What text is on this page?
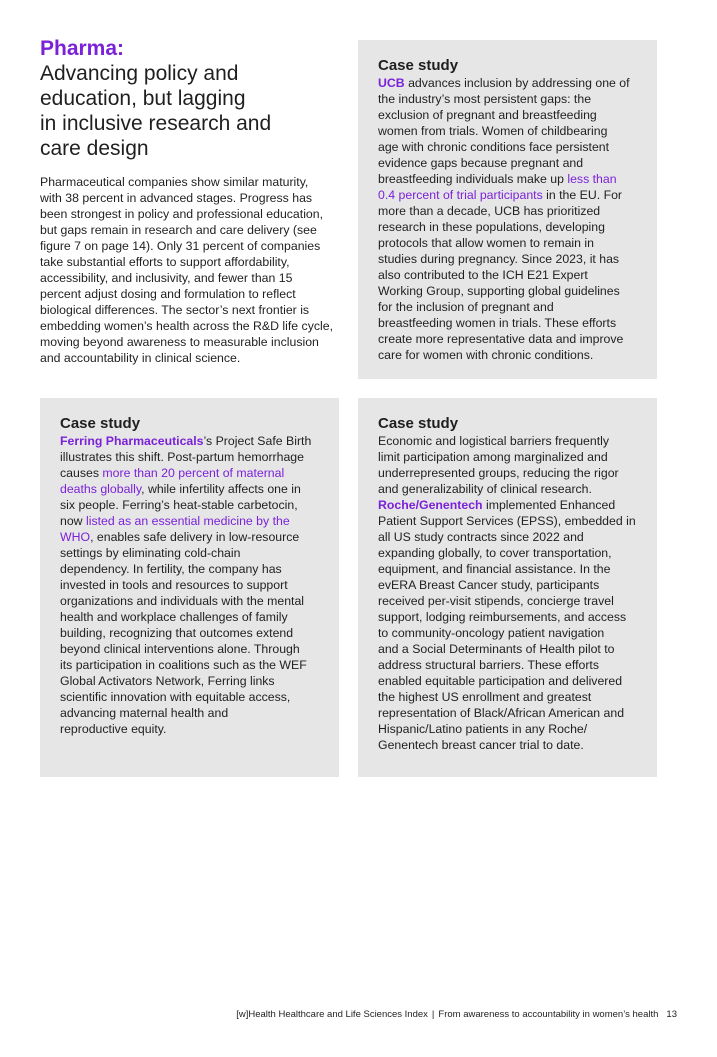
Pharma:
Advancing policy and
education, but lagging
in inclusive research and
care design
Pharmaceutical companies show similar maturity,
with 38 percent in advanced stages. Progress has
been strongest in policy and professional education,
but gaps remain in research and care delivery (see
figure 7 on page 14). Only 31 percent of companies
take substantial efforts to support affordability,
accessibility, and inclusivity, and fewer than 15
percent adjust dosing and formulation to reflect
biological differences. The sector’s next frontier is
embedding women’s health across the R&D life cycle,
moving beyond awareness to measurable inclusion
and accountability in clinical science.
Case study
UCB advances inclusion by addressing one of
the industry’s most persistent gaps: the
exclusion of pregnant and breastfeeding
women from trials. Women of childbearing
age with chronic conditions face persistent
evidence gaps because pregnant and
breastfeeding individuals make up less than
0.4 percent of trial participants in the EU. For
more than a decade, UCB has prioritized
research in these populations, developing
protocols that allow women to remain in
studies during pregnancy. Since 2023, it has
also contributed to the ICH E21 Expert
Working Group, supporting global guidelines
for the inclusion of pregnant and
breastfeeding women in trials. These efforts
create more representative data and improve
care for women with chronic conditions.
Case study
Ferring Pharmaceuticals’s Project Safe Birth
illustrates this shift. Post-partum hemorrhage
causes more than 20 percent of maternal
deaths globally, while infertility affects one in
six people. Ferring’s heat-stable carbetocin,
now listed as an essential medicine by the
WHO, enables safe delivery in low-resource
settings by eliminating cold-chain
dependency. In fertility, the company has
invested in tools and resources to support
organizations and individuals with the mental
health and workplace challenges of family
building, recognizing that outcomes extend
beyond clinical interventions alone. Through
its participation in coalitions such as the WEF
Global Activators Network, Ferring links
scientific innovation with equitable access,
advancing maternal health and
reproductive equity.
Case study
Economic and logistical barriers frequently
limit participation among marginalized and
underrepresented groups, reducing the rigor
and generalizability of clinical research.
Roche/Genentech implemented Enhanced
Patient Support Services (EPSS), embedded in
all US study contracts since 2022 and
expanding globally, to cover transportation,
equipment, and financial assistance. In the
evERA Breast Cancer study, participants
received per-visit stipends, concierge travel
support, lodging reimbursements, and access
to community-oncology patient navigation
and a Social Determinants of Health pilot to
address structural barriers. These efforts
enabled equitable participation and delivered
the highest US enrollment and greatest
representation of Black/African American and
Hispanic/Latino patients in any Roche/
Genentech breast cancer trial to date.
[w]Health Healthcare and Life Sciences Index | From awareness to accountability in women’s health 13
